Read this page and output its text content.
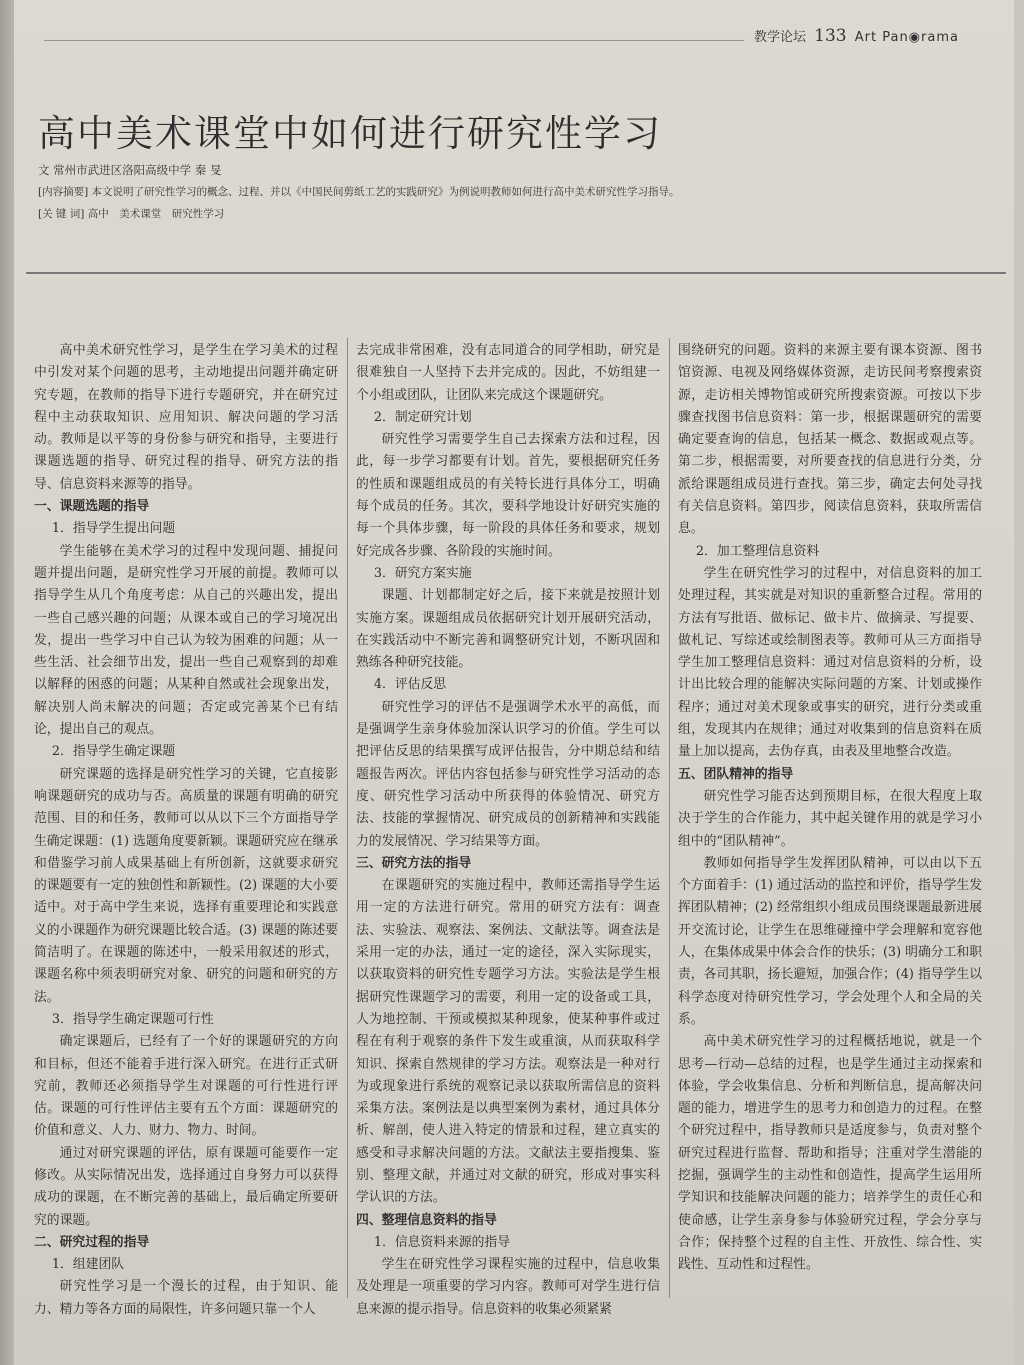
教学论坛 133 Art Pan◉rama
高中美术课堂中如何进行研究性学习
文 常州市武进区洛阳高级中学 秦 旻
[内容摘要] 本文说明了研究性学习的概念、过程、并以《中国民间剪纸工艺的实践研究》为例说明教师如何进行高中美术研究性学习指导。
[关 键 词] 高中　美术课堂　研究性学习

高中美术研究性学习，是学生在学习美术的过程中引发对某个问题的思考，主动地提出问题并确定研究专题，在教师的指导下进行专题研究，并在研究过程中主动获取知识、应用知识、解决问题的学习活动。教师是以平等的身份参与研究和指导，主要进行课题选题的指导、研究过程的指导、研究方法的指导、信息资料来源等的指导。

一、课题选题的指导

1．指导学生提出问题

学生能够在美术学习的过程中发现问题、捕捉问题并提出问题，是研究性学习开展的前提。教师可以指导学生从几个角度考虑：从自己的兴趣出发，提出一些自己感兴趣的问题；从课本或自己的学习境况出发，提出一些学习中自己认为较为困难的问题；从一些生活、社会细节出发，提出一些自己观察到的却难以解释的困惑的问题；从某种自然或社会现象出发，解决别人尚未解决的问题；否定或完善某个已有结论，提出自己的观点。

2．指导学生确定课题

研究课题的选择是研究性学习的关键，它直接影响课题研究的成功与否。高质量的课题有明确的研究范围、目的和任务，教师可以从以下三个方面指导学生确定课题：(1) 选题角度要新颖。课题研究应在继承和借鉴学习前人成果基础上有所创新，这就要求研究的课题要有一定的独创性和新颖性。(2) 课题的大小要适中。对于高中学生来说，选择有重要理论和实践意义的小课题作为研究课题比较合适。(3) 课题的陈述要简洁明了。在课题的陈述中，一般采用叙述的形式，课题名称中须表明研究对象、研究的问题和研究的方法。

3．指导学生确定课题可行性

确定课题后，已经有了一个好的课题研究的方向和目标，但还不能着手进行深入研究。在进行正式研究前，教师还必须指导学生对课题的可行性进行评估。课题的可行性评估主要有五个方面：课题研究的价值和意义、人力、财力、物力、时间。

通过对研究课题的评估，原有课题可能要作一定修改。从实际情况出发，选择通过自身努力可以获得成功的课题，在不断完善的基础上，最后确定所要研究的课题。

二、研究过程的指导

1．组建团队

研究性学习是一个漫长的过程，由于知识、能力、精力等各方面的局限性，许多问题只靠一个人

去完成非常困难，没有志同道合的同学相助，研究是很难独自一人坚持下去并完成的。因此，不妨组建一个小组或团队，让团队来完成这个课题研究。

2．制定研究计划

研究性学习需要学生自己去探索方法和过程，因此，每一步学习都要有计划。首先，要根据研究任务的性质和课题组成员的有关特长进行具体分工，明确每个成员的任务。其次，要科学地设计好研究实施的每一个具体步骤，每一阶段的具体任务和要求，规划好完成各步骤、各阶段的实施时间。

3．研究方案实施

课题、计划都制定好之后，接下来就是按照计划实施方案。课题组成员依据研究计划开展研究活动，在实践活动中不断完善和调整研究计划，不断巩固和熟练各种研究技能。

4．评估反思

研究性学习的评估不是强调学术水平的高低，而是强调学生亲身体验加深认识学习的价值。学生可以把评估反思的结果撰写成评估报告，分中期总结和结题报告两次。评估内容包括参与研究性学习活动的态度、研究性学习活动中所获得的体验情况、研究方法、技能的掌握情况、研究成员的创新精神和实践能力的发展情况、学习结果等方面。

三、研究方法的指导

在课题研究的实施过程中，教师还需指导学生运用一定的方法进行研究。常用的研究方法有：调查法、实验法、观察法、案例法、文献法等。调查法是采用一定的办法，通过一定的途径，深入实际现实，以获取资料的研究性专题学习方法。实验法是学生根据研究性课题学习的需要，利用一定的设备或工具，人为地控制、干预或模拟某种现象，使某种事件或过程在有利于观察的条件下发生或重演，从而获取科学知识、探索自然规律的学习方法。观察法是一种对行为或现象进行系统的观察记录以获取所需信息的资料采集方法。案例法是以典型案例为素材，通过具体分析、解剖，使人进入特定的情景和过程，建立真实的感受和寻求解决问题的方法。文献法主要指搜集、鉴别、整理文献，并通过对文献的研究，形成对事实科学认识的方法。

四、整理信息资料的指导

1．信息资料来源的指导

学生在研究性学习课程实施的过程中，信息收集及处理是一项重要的学习内容。教师可对学生进行信息来源的提示指导。信息资料的收集必须紧紧

围绕研究的问题。资料的来源主要有课本资源、图书馆资源、电视及网络媒体资源，走访民间考察搜索资源，走访相关博物馆或研究所搜索资源。可按以下步骤查找图书信息资料：第一步，根据课题研究的需要确定要查询的信息，包括某一概念、数据或观点等。第二步，根据需要，对所要查找的信息进行分类，分派给课题组成员进行查找。第三步，确定去何处寻找有关信息资料。第四步，阅读信息资料，获取所需信息。

2．加工整理信息资料

学生在研究性学习的过程中，对信息资料的加工处理过程，其实就是对知识的重新整合过程。常用的方法有写批语、做标记、做卡片、做摘录、写提要、做札记、写综述或绘制图表等。教师可从三方面指导学生加工整理信息资料：通过对信息资料的分析，设计出比较合理的能解决实际问题的方案、计划或操作程序；通过对美术现象或事实的研究，进行分类或重组，发现其内在规律；通过对收集到的信息资料在质量上加以提高，去伪存真，由表及里地整合改造。

五、团队精神的指导

研究性学习能否达到预期目标，在很大程度上取决于学生的合作能力，其中起关键作用的就是学习小组中的“团队精神”。

教师如何指导学生发挥团队精神，可以由以下五个方面着手：(1) 通过活动的监控和评价，指导学生发挥团队精神；(2) 经常组织小组成员围绕课题最新进展开交流讨论，让学生在思维碰撞中学会理解和宽容他人，在集体成果中体会合作的快乐；(3) 明确分工和职责，各司其职，扬长避短，加强合作；(4) 指导学生以科学态度对待研究性学习，学会处理个人和全局的关系。

高中美术研究性学习的过程概括地说，就是一个思考—行动—总结的过程，也是学生通过主动探索和体验，学会收集信息、分析和判断信息，提高解决问题的能力，增进学生的思考力和创造力的过程。在整个研究过程中，指导教师只是适度参与，负责对整个研究过程进行监督、帮助和指导；注重对学生潜能的挖掘，强调学生的主动性和创造性，提高学生运用所学知识和技能解决问题的能力；培养学生的责任心和使命感，让学生亲身参与体验研究过程，学会分享与合作；保持整个过程的自主性、开放性、综合性、实践性、互动性和过程性。
